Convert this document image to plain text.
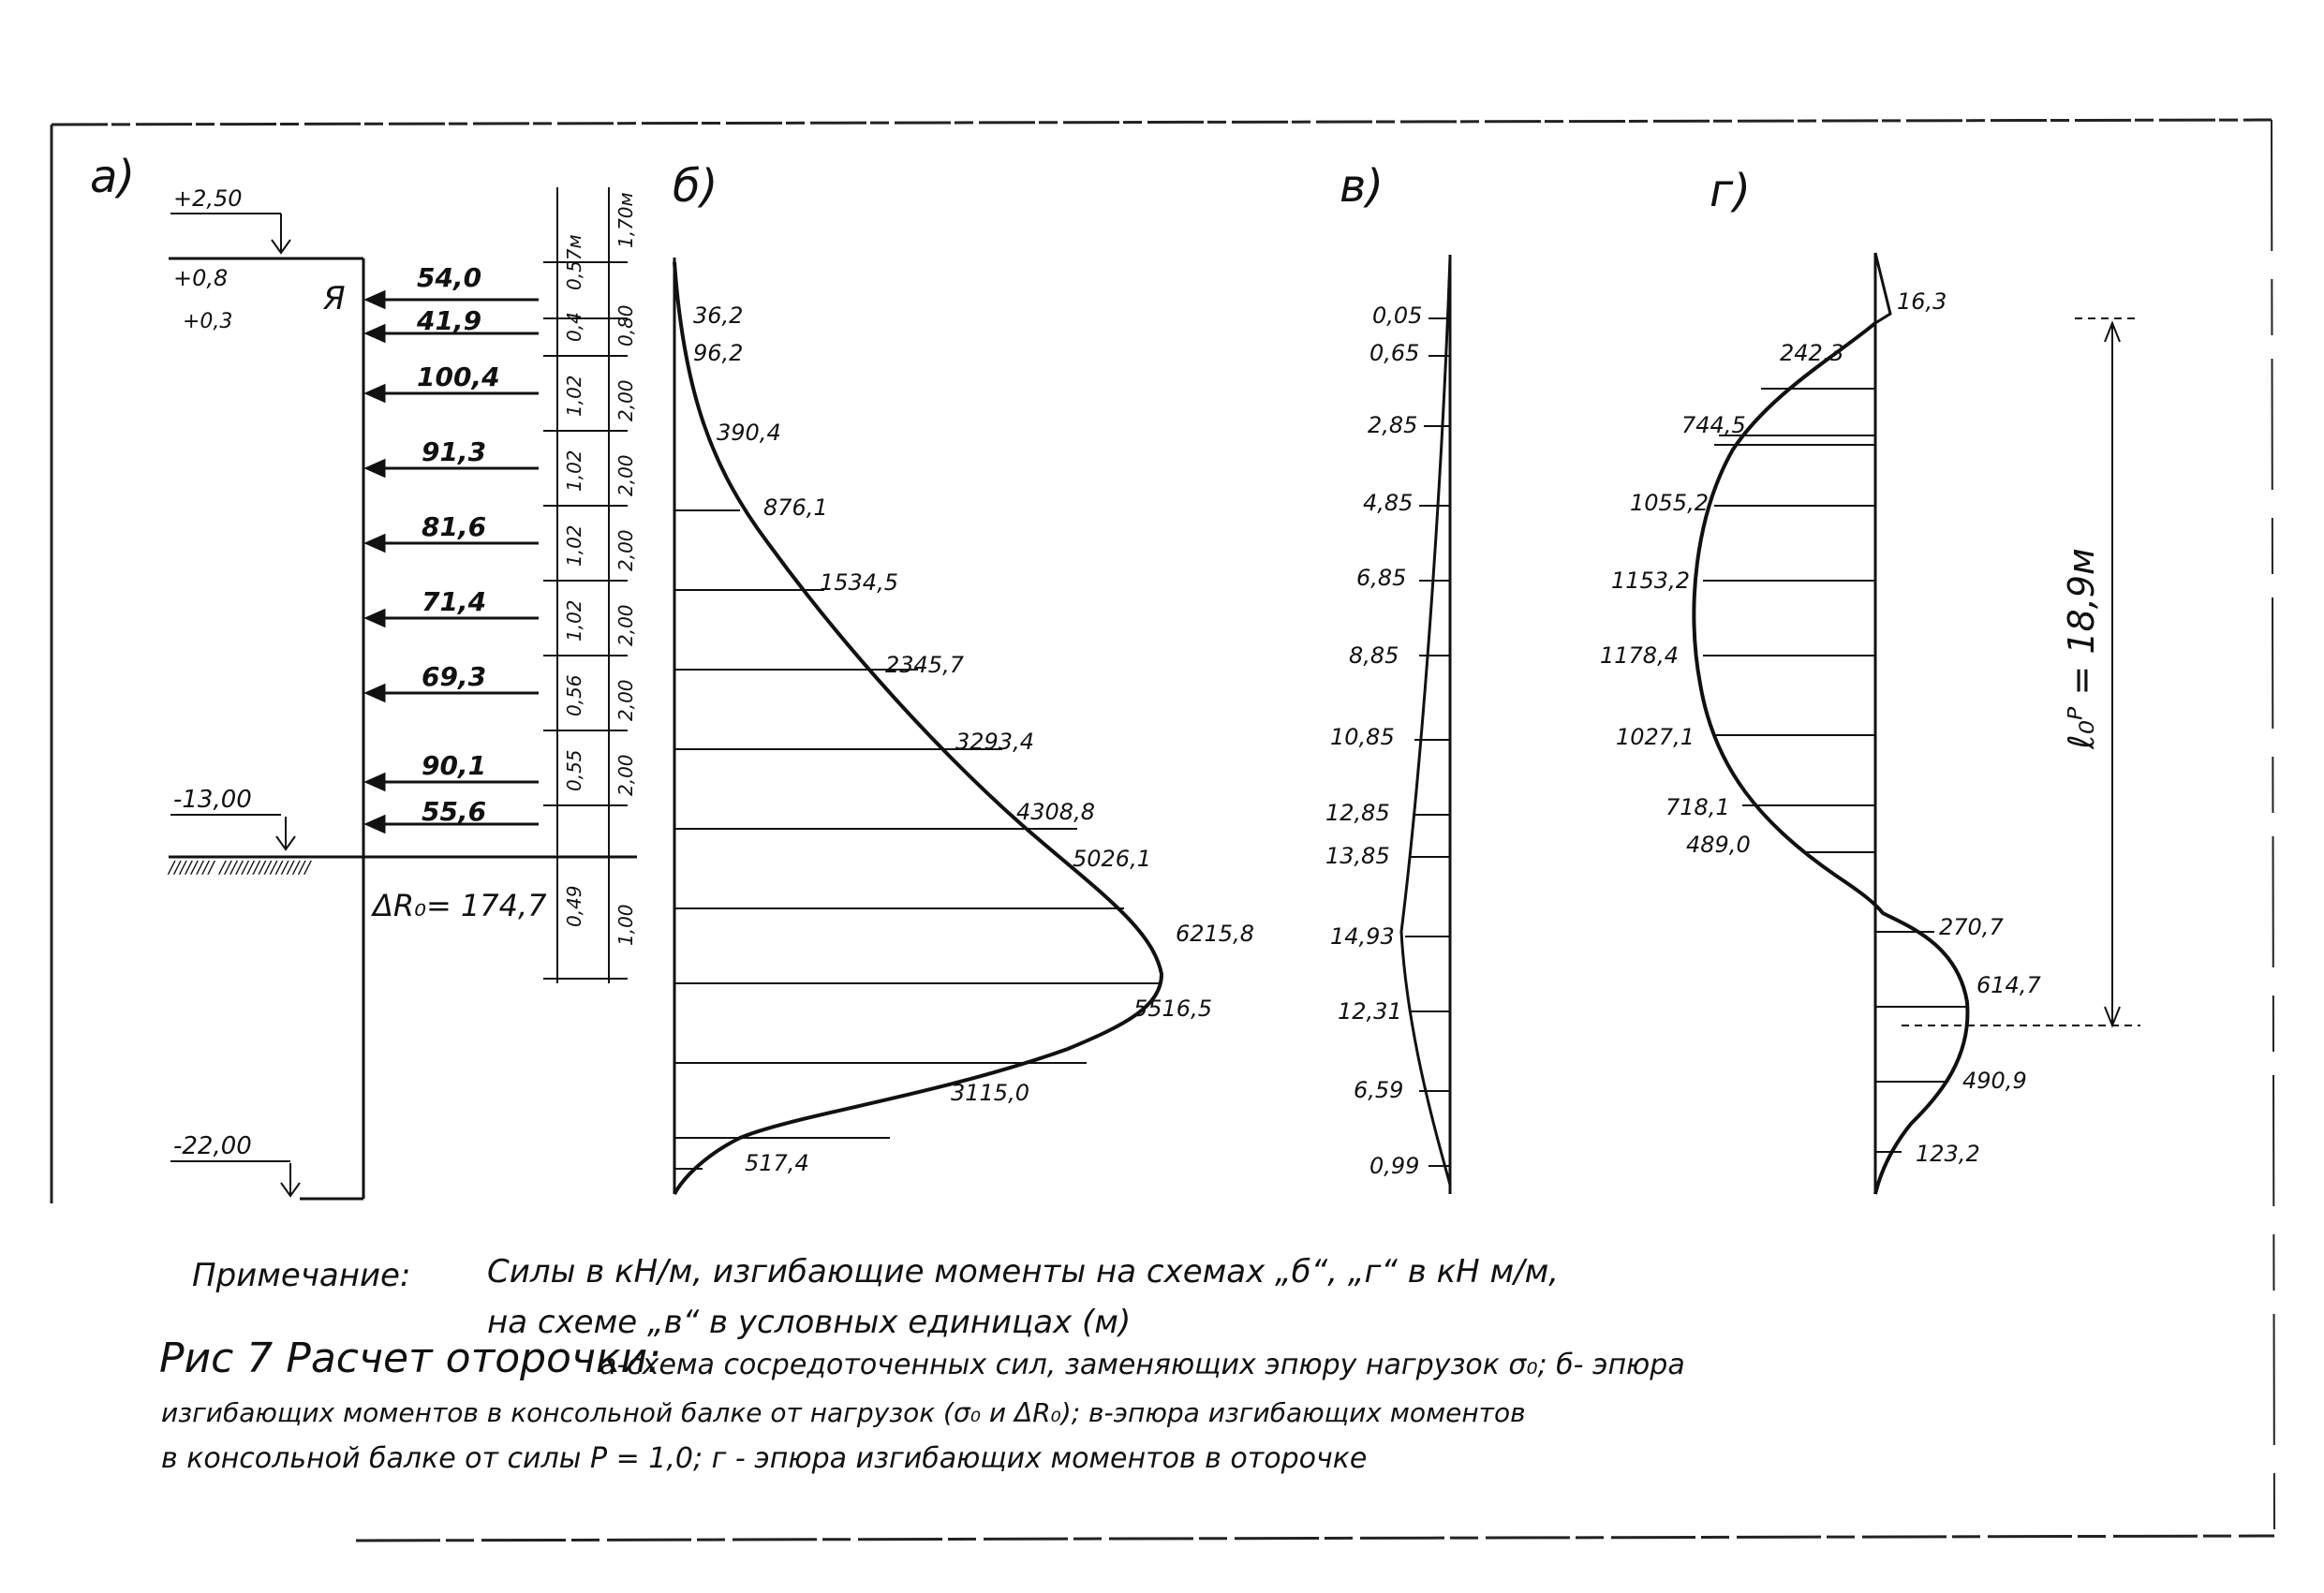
а)	б)	в)	г)
//////// ////////////////
+2,50
+0,8
+0,3
Я
-13,00
-22,00
54,0
41,9
100,4
91,3
81,6
71,4
69,3
90,1
55,6
0,57м
0,4
1,02
1,02
1,02
1,02
0,56
0,55
0,49
1,70м
0,80
2,00
2,00
2,00
2,00
2,00
2,00
1,00
ΔR₀= 174,7
36,2
96,2
390,4
876,1
1534,5
2345,7
3293,4
4308,8
5026,1
6215,8
5516,5
3115,0
517,4
0,05
0,65
2,85
4,85
6,85
8,85
10,85
12,85
13,85
14,93
12,31
6,59
0,99
16,3
242,3
744,5
1055,2
1153,2
1178,4
1027,1
718,1
489,0
270,7
614,7
490,9
123,2
ℓ₀ᴾ = 18,9м
Примечание: Силы в кН/м, изгибающие моменты на схемах „б“, „г“ в кН м/м,
на схеме „в“ в условных единицах (м)
Рис 7 Расчет оторочки:
а-схема сосредоточенных сил, заменяющих эпюру нагрузок σ₀; б- эпюра
изгибающих моментов в консольной балке от нагрузок (σ₀ и ΔR₀); в-эпюра изгибающих моментов
в консольной балке от силы P = 1,0; г - эпюра изгибающих моментов в оторочке
